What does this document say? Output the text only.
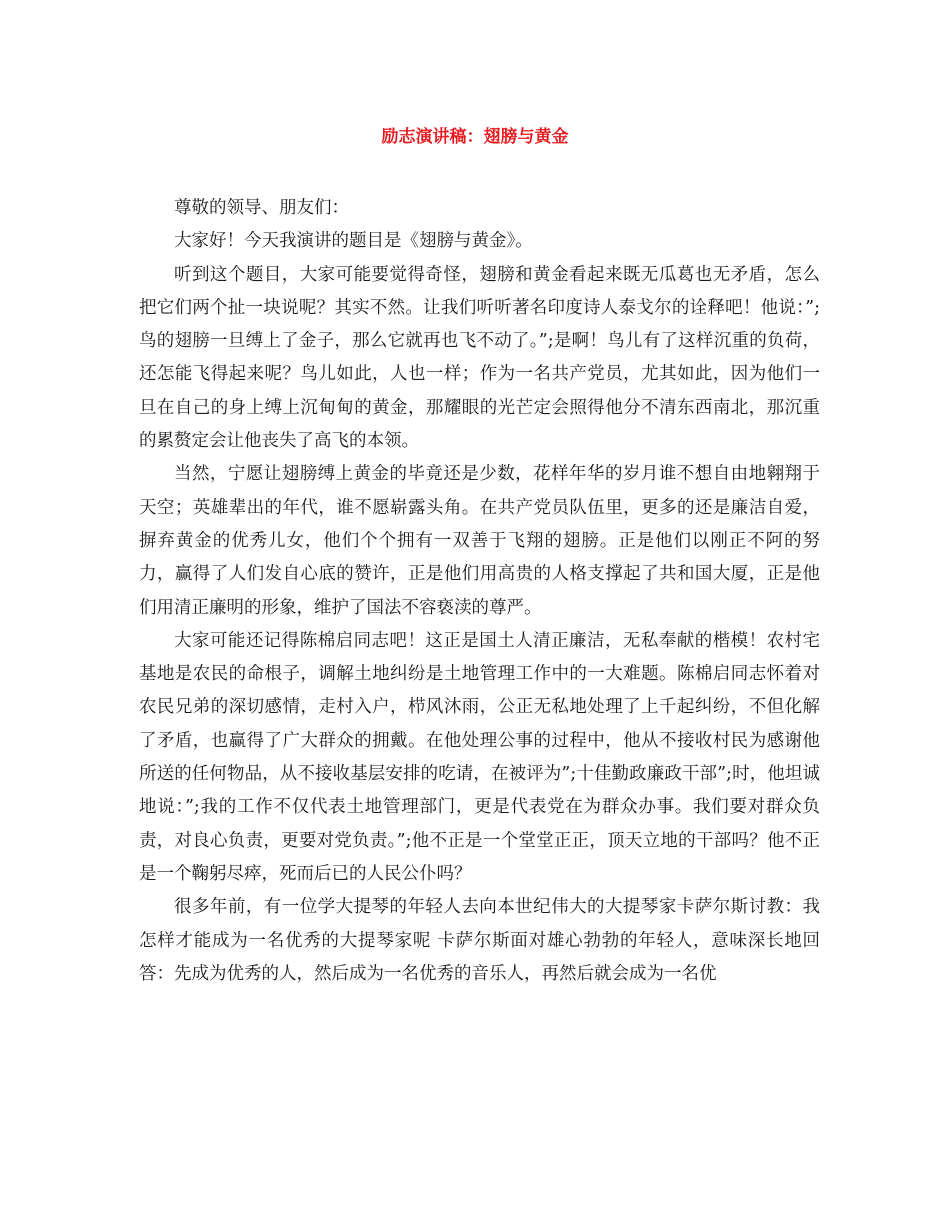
励志演讲稿：翅膀与黄金

尊敬的领导、朋友们：

大家好！今天我演讲的题目是《翅膀与黄金》。

听到这个题目，大家可能要觉得奇怪，翅膀和黄金看起来既无瓜葛也无矛盾，怎么把它们两个扯一块说呢？其实不然。让我们听听著名印度诗人泰戈尔的诠释吧！他说：”;鸟的翅膀一旦缚上了金子，那么它就再也飞不动了。”;是啊！鸟儿有了这样沉重的负荷，还怎能飞得起来呢？鸟儿如此，人也一样；作为一名共产党员，尤其如此，因为他们一旦在自己的身上缚上沉甸甸的黄金，那耀眼的光芒定会照得他分不清东西南北，那沉重的累赘定会让他丧失了高飞的本领。

当然，宁愿让翅膀缚上黄金的毕竟还是少数，花样年华的岁月谁不想自由地翱翔于天空；英雄辈出的年代，谁不愿崭露头角。在共产党员队伍里，更多的还是廉洁自爱，摒弃黄金的优秀儿女，他们个个拥有一双善于飞翔的翅膀。正是他们以刚正不阿的努力，赢得了人们发自心底的赞许，正是他们用高贵的人格支撑起了共和国大厦，正是他们用清正廉明的形象，维护了国法不容亵渎的尊严。

大家可能还记得陈棉启同志吧！这正是国土人清正廉洁，无私奉献的楷模！农村宅基地是农民的命根子，调解土地纠纷是土地管理工作中的一大难题。陈棉启同志怀着对农民兄弟的深切感情，走村入户，栉风沐雨，公正无私地处理了上千起纠纷，不但化解了矛盾，也赢得了广大群众的拥戴。在他处理公事的过程中，他从不接收村民为感谢他所送的任何物品，从不接收基层安排的吃请，在被评为”;十佳勤政廉政干部”;时，他坦诚地说：”;我的工作不仅代表土地管理部门，更是代表党在为群众办事。我们要对群众负责，对良心负责，更要对党负责。”;他不正是一个堂堂正正，顶天立地的干部吗？他不正是一个鞠躬尽瘁，死而后已的人民公仆吗？

很多年前，有一位学大提琴的年轻人去向本世纪伟大的大提琴家卡萨尔斯讨教：我怎样才能成为一名优秀的大提琴家呢 卡萨尔斯面对雄心勃勃的年轻人，意味深长地回答：先成为优秀的人，然后成为一名优秀的音乐人，再然后就会成为一名优
